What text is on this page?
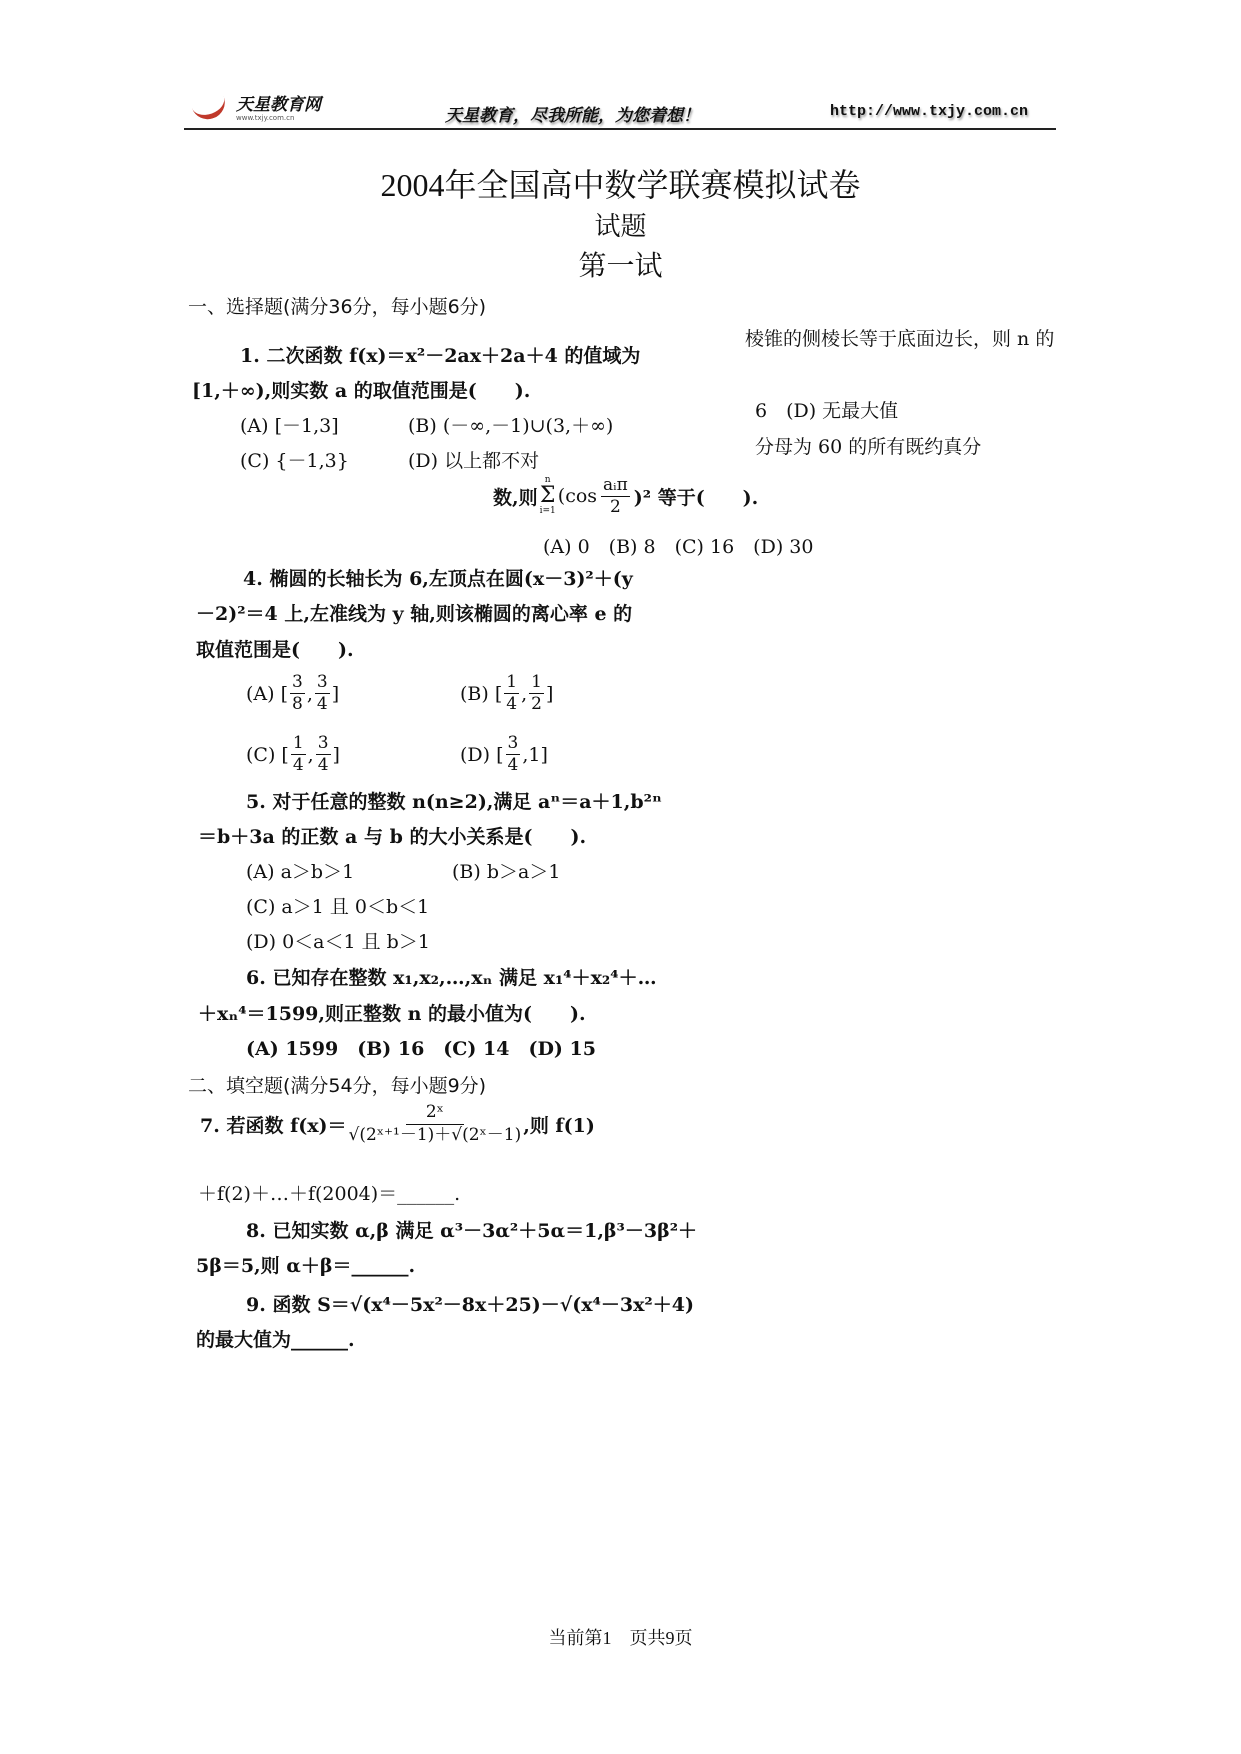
天星教育网
www.txjy.com.cn	天星教育，尽我所能，为您着想！	http://www.txjy.com.cn
2004年全国高中数学联赛模拟试卷
试题
第一试
一、选择题(满分36分，每小题6分)
棱锥的侧棱长等于底面边长，则 n 的
6　(D) 无最大值
分母为 60 的所有既约真分
1. 二次函数 f(x)＝x²－2ax＋2a＋4 的值域为
[1,＋∞),则实数 a 的取值范围是(　　).
(A) [－1,3]	(B) (－∞,－1)∪(3,＋∞)
(C) {－1,3}	(D) 以上都不对
数,则
n
Σ
i=1
$(\cos \frac{\text{aᵢπ}}{2} )^2$ 等于(　　).
(A) 0　(B) 8　(C) 16　(D) 30
4. 椭圆的长轴长为 6,左顶点在圆(x－3)²＋(y
－2)²＝4 上,左准线为 y 轴,则该椭圆的离心率 e 的
取值范围是(　　).
(A) [ $\frac{3}{8}$ , $\frac{3}{4}$ ]	(B) [ $\frac{1}{4}$ , $\frac{1}{2}$ ]
(C) [ $\frac{1}{4}$ , $\frac{3}{4}$ ]	(D) [ $\frac{3}{4}$ , 1 ]
5. 对于任意的整数 n(n≥2),满足 aⁿ＝a＋1,b²ⁿ
＝b＋3a 的正数 a 与 b 的大小关系是(　　).
(A) a＞b＞1	(B) b＞a＞1
(C) a＞1 且 0＜b＜1
(D) 0＜a＜1 且 b＞1
6. 已知存在整数 x₁,x₂,…,xₙ 满足 x₁⁴＋x₂⁴＋…
＋xₙ⁴＝1599,则正整数 n 的最小值为(　　).
(A) 1599　(B) 16　(C) 14　(D) 15
二、填空题(满分54分，每小题9分)
7. 若函数 $f(x)= \frac{\text{2ˣ}}{\text{√(2ˣ⁺¹－1)＋√(2ˣ－1)}}$ ,则 f(1)
＋f(2)＋…＋f(2004)＝______.
8. 已知实数 α,β 满足 α³－3α²＋5α＝1,β³－3β²＋
5β＝5,则 α＋β＝______.
9. 函数 S＝√(x⁴－5x²－8x＋25)－√(x⁴－3x²＋4)
的最大值为______.
当前第1　页共9页
